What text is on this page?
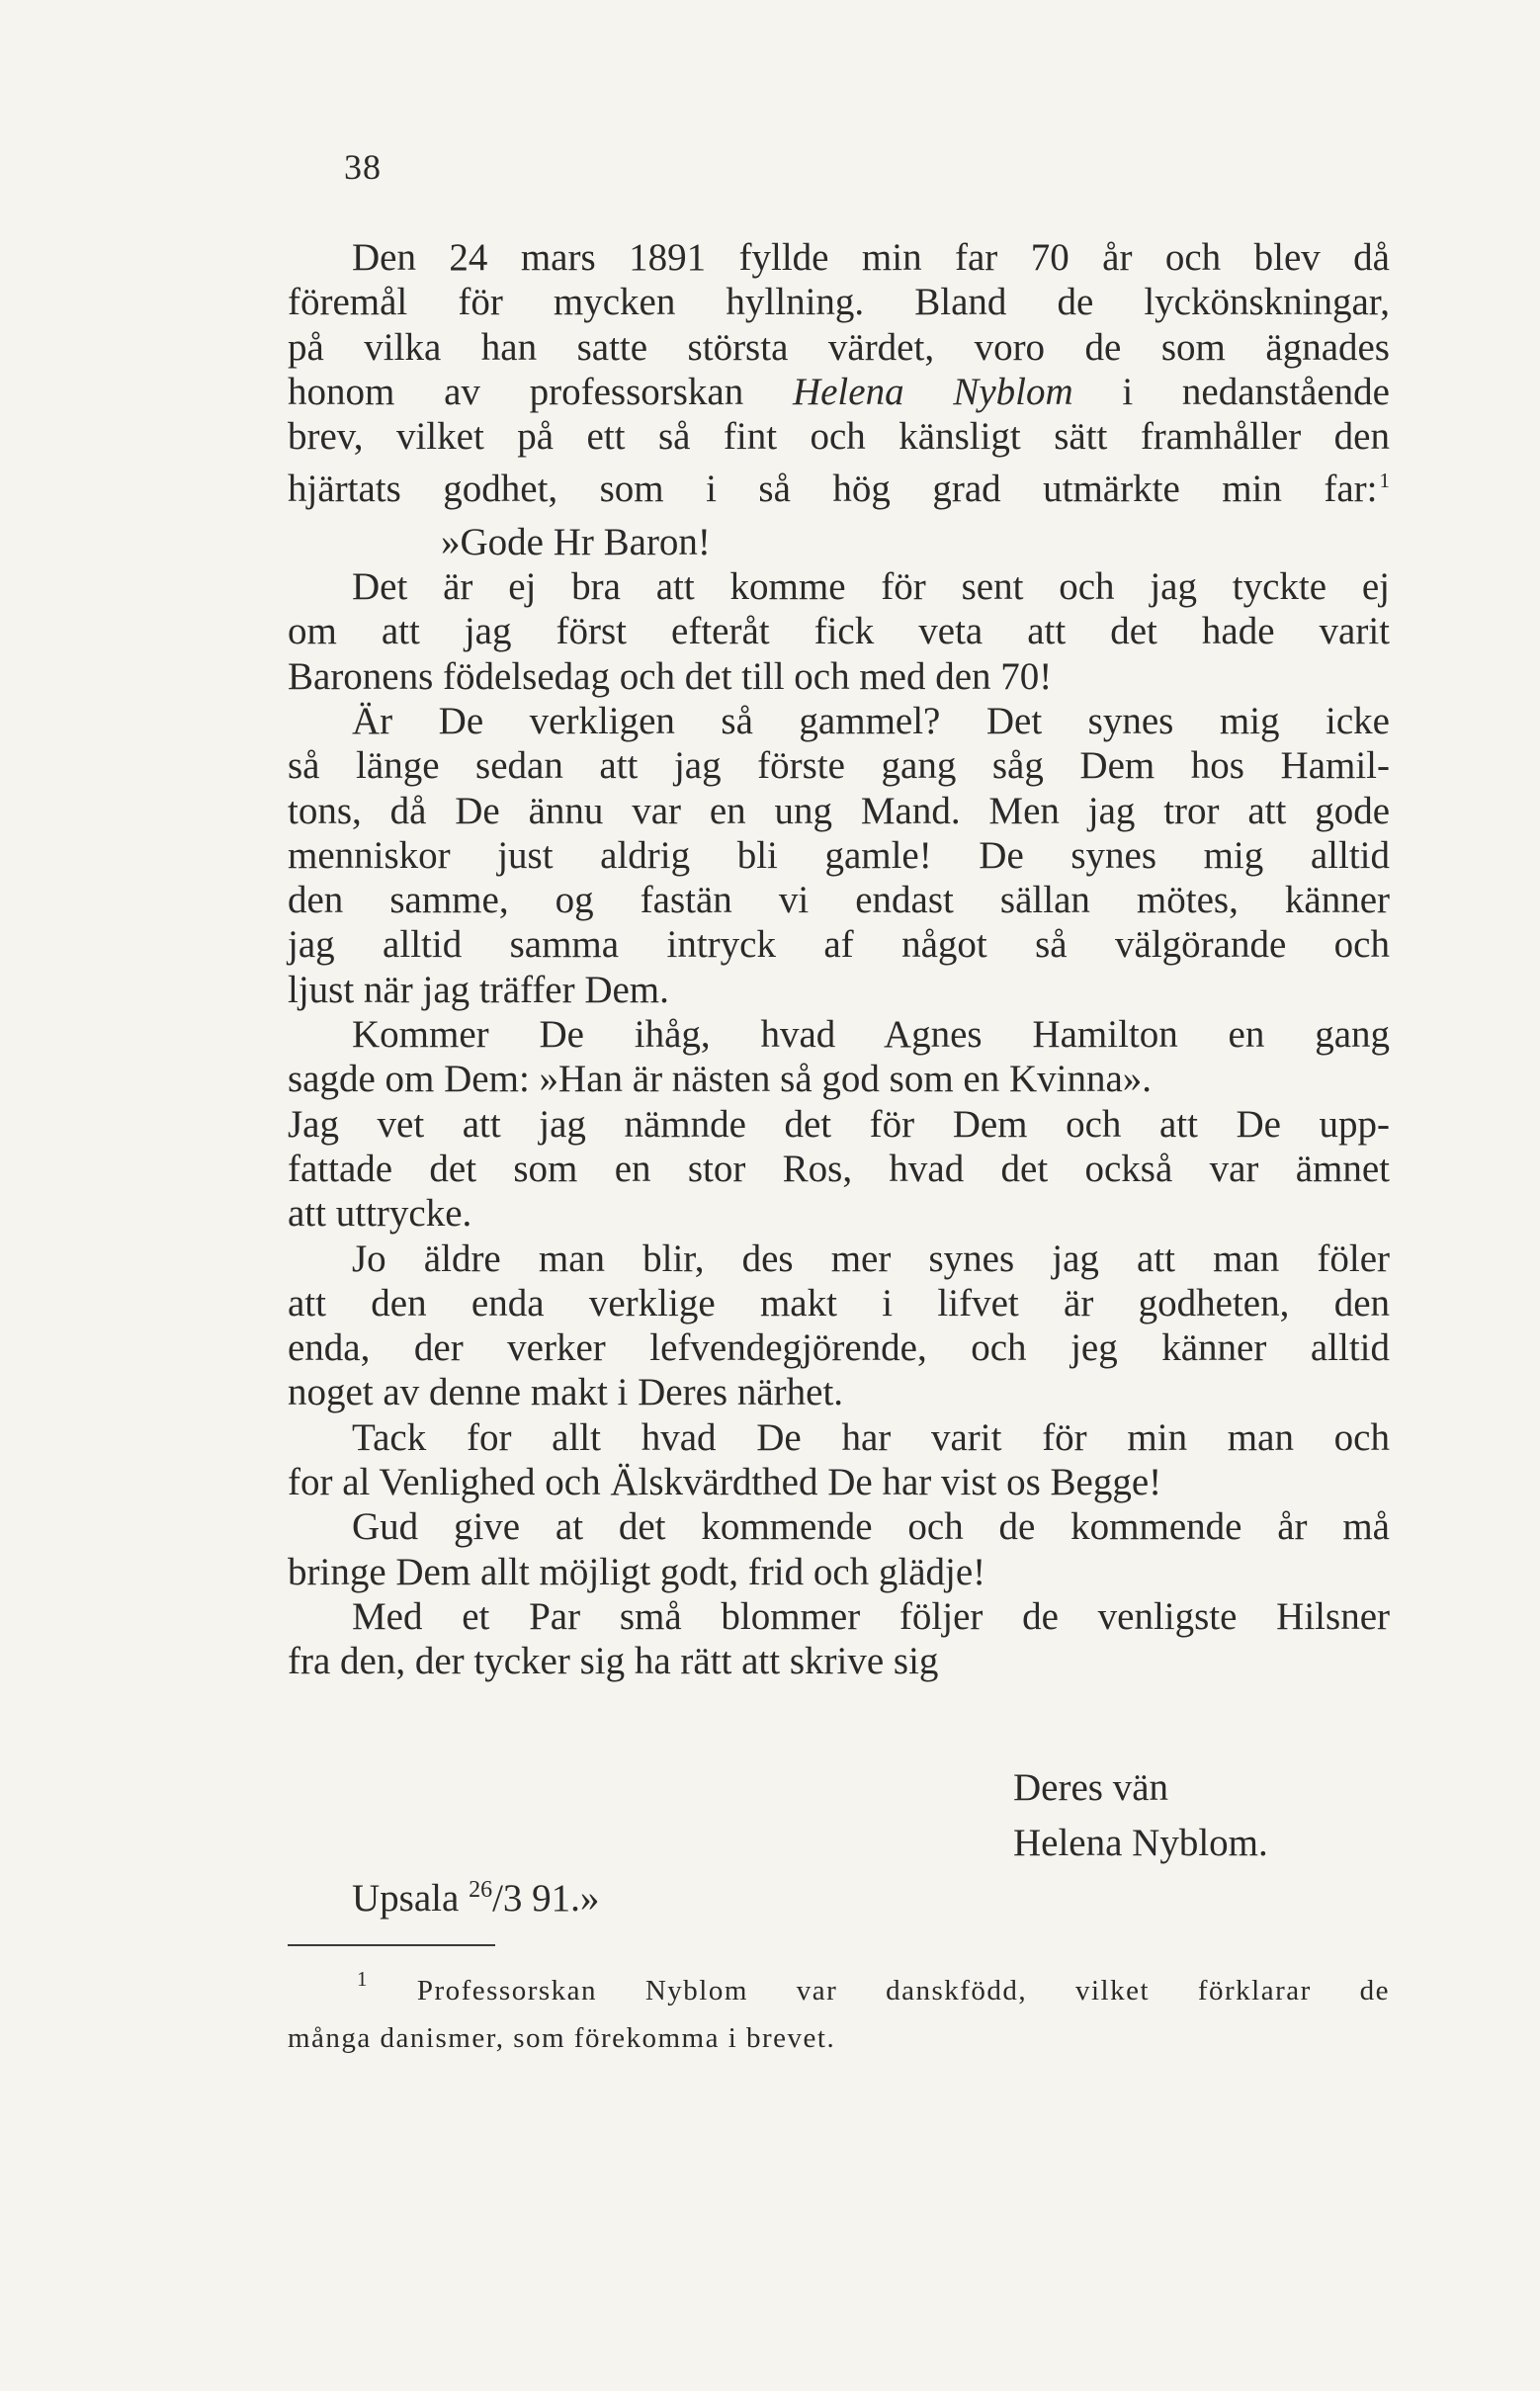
38
Den 24 mars 1891 fyllde min far 70 år och blev då
föremål för mycken hyllning. Bland de lyckönskningar,
på vilka han satte största värdet, voro de som ägnades
honom av professorskan Helena Nyblom i nedanstående
brev, vilket på ett så fint och känsligt sätt framhåller den
hjärtats godhet, som i så hög grad utmärkte min far:$^1$
»Gode Hr Baron!
Det är ej bra att komme för sent och jag tyckte ej
om att jag först efteråt fick veta att det hade varit
Baronens födelsedag och det till och med den 70!
Är De verkligen så gammel? Det synes mig icke
så länge sedan att jag förste gang såg Dem hos Hamil-
tons, då De ännu var en ung Mand. Men jag tror att gode
menniskor just aldrig bli gamle! De synes mig alltid
den samme, og fastän vi endast sällan mötes, känner
jag alltid samma intryck af något så välgörande och
ljust när jag träffer Dem.
Kommer De ihåg, hvad Agnes Hamilton en gang
sagde om Dem: »Han är nästen så god som en Kvinna».
Jag vet att jag nämnde det för Dem och att De upp-
fattade det som en stor Ros, hvad det också var ämnet
att uttrycke.
Jo äldre man blir, des mer synes jag att man föler
att den enda verklige makt i lifvet är godheten, den
enda, der verker lefvendegjörende, och jeg känner alltid
noget av denne makt i Deres närhet.
Tack for allt hvad De har varit för min man och
for al Venlighed och Älskvärdthed De har vist os Begge!
Gud give at det kommende och de kommende år må
bringe Dem allt möjligt godt, frid och glädje!
Med et Par små blommer följer de venligste Hilsner
fra den, der tycker sig ha rätt att skrive sig
Deres vän
Helena Nyblom.
Upsala $^{26}$/3 91.»
$^1$ Professorskan Nyblom var danskfödd, vilket förklarar de
många danismer, som förekomma i brevet.
